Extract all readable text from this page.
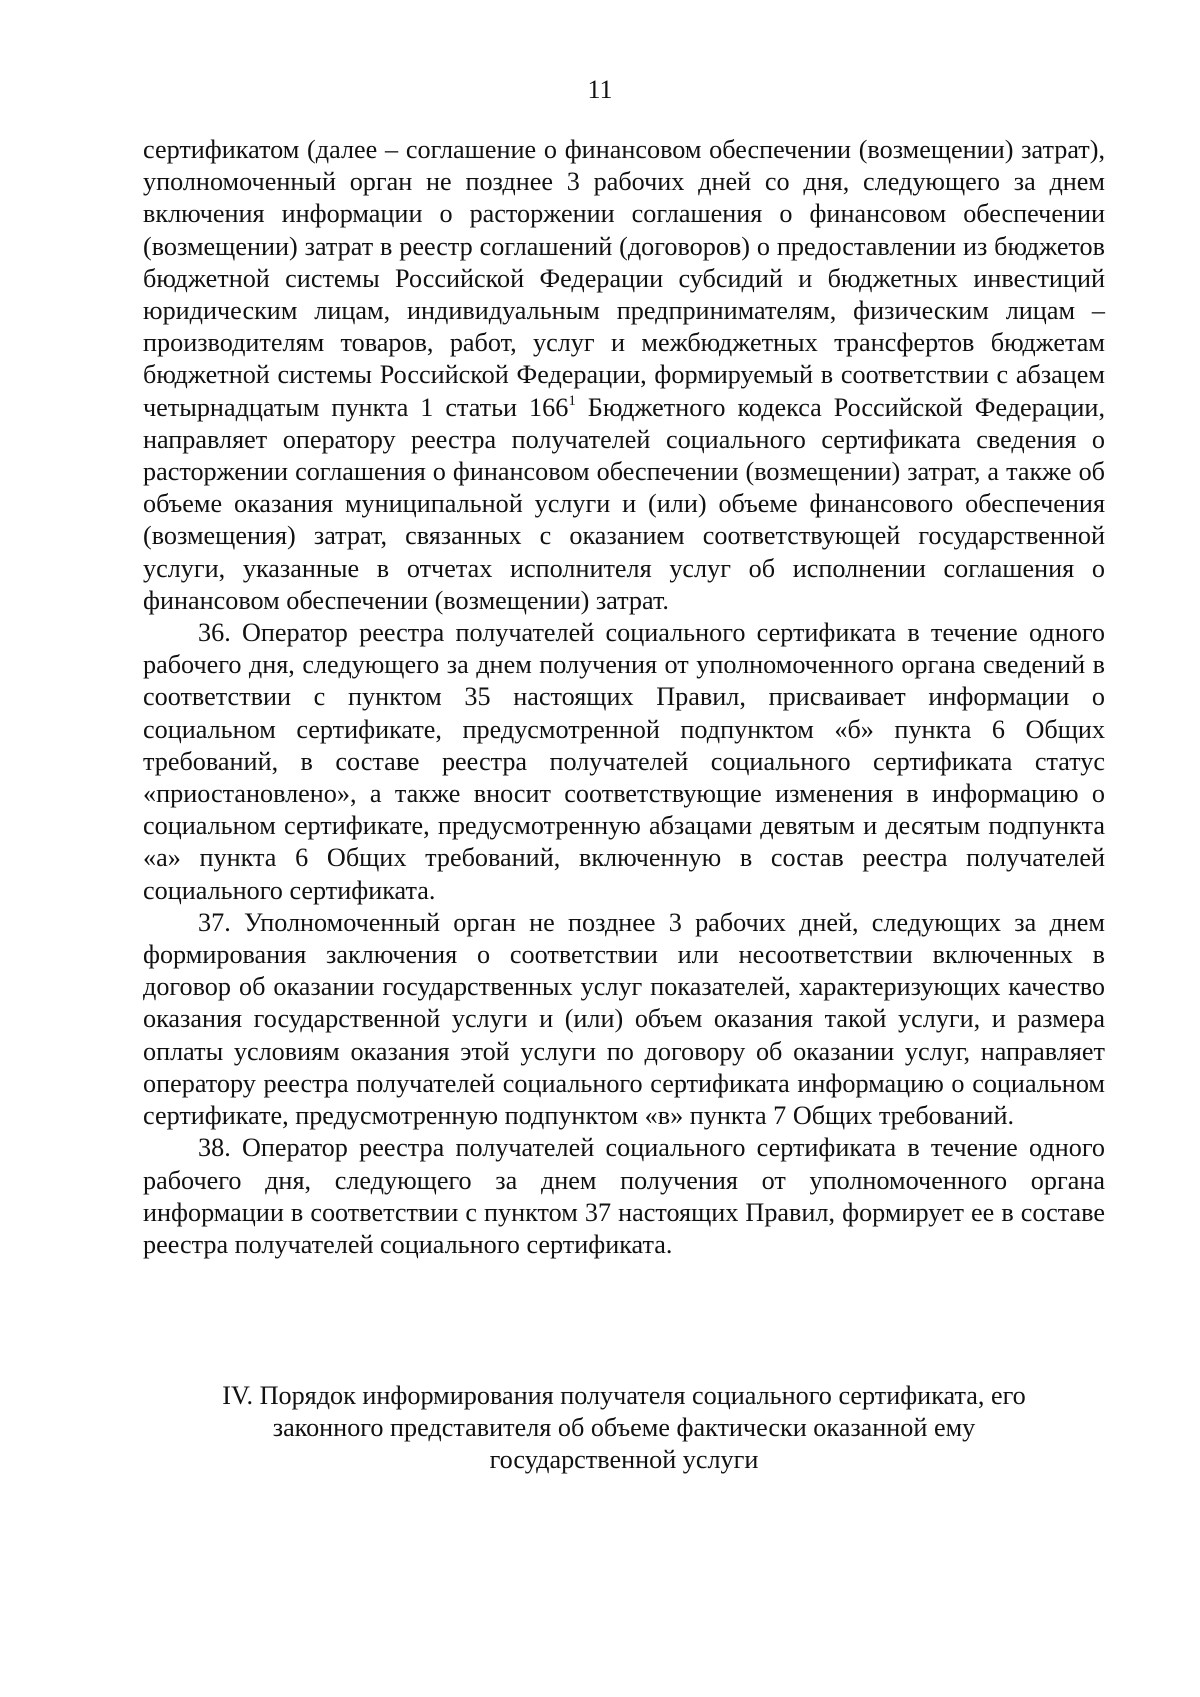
11

сертификатом (далее – соглашение о финансовом обеспечении (возмещении) затрат), уполномоченный орган не позднее 3 рабочих дней со дня, следующего за днем включения информации о расторжении соглашения о финансовом обеспечении (возмещении) затрат в реестр соглашений (договоров) о предоставлении из бюджетов бюджетной системы Российской Федерации субсидий и бюджетных инвестиций юридическим лицам, индивидуальным предпринимателям, физическим лицам – производителям товаров, работ, услуг и межбюджетных трансфертов бюджетам бюджетной системы Российской Федерации, формируемый в соответствии с абзацем четырнадцатым пункта 1 статьи $166^1$ Бюджетного кодекса Российской Федерации, направляет оператору реестра получателей социального сертификата сведения о расторжении соглашения о финансовом обеспечении (возмещении) затрат, а также об объеме оказания муниципальной услуги и (или) объеме финансового обеспечения (возмещения) затрат, связанных с оказанием соответствующей государственной услуги, указанные в отчетах исполнителя услуг об исполнении соглашения о финансовом обеспечении (возмещении) затрат.

36. Оператор реестра получателей социального сертификата в течение одного рабочего дня, следующего за днем получения от уполномоченного органа сведений в соответствии с пунктом 35 настоящих Правил, присваивает информации о социальном сертификате, предусмотренной подпунктом «б» пункта 6 Общих требований, в составе реестра получателей социального сертификата статус «приостановлено», а также вносит соответствующие изменения в информацию о социальном сертификате, предусмотренную абзацами девятым и десятым подпункта «а» пункта 6 Общих требований, включенную в состав реестра получателей социального сертификата.

37. Уполномоченный орган не позднее 3 рабочих дней, следующих за днем формирования заключения о соответствии или несоответствии включенных в договор об оказании государственных услуг показателей, характеризующих качество оказания государственной услуги и (или) объем оказания такой услуги, и размера оплаты условиям оказания этой услуги по договору об оказании услуг, направляет оператору реестра получателей социального сертификата информацию о социальном сертификате, предусмотренную подпунктом «в» пункта 7 Общих требований.

38. Оператор реестра получателей социального сертификата в течение одного рабочего дня, следующего за днем получения от уполномоченного органа информации в соответствии с пунктом 37 настоящих Правил, формирует ее в составе реестра получателей социального сертификата.

IV. Порядок информирования получателя социального сертификата, его
законного представителя об объеме фактически оказанной ему
государственной услуги
